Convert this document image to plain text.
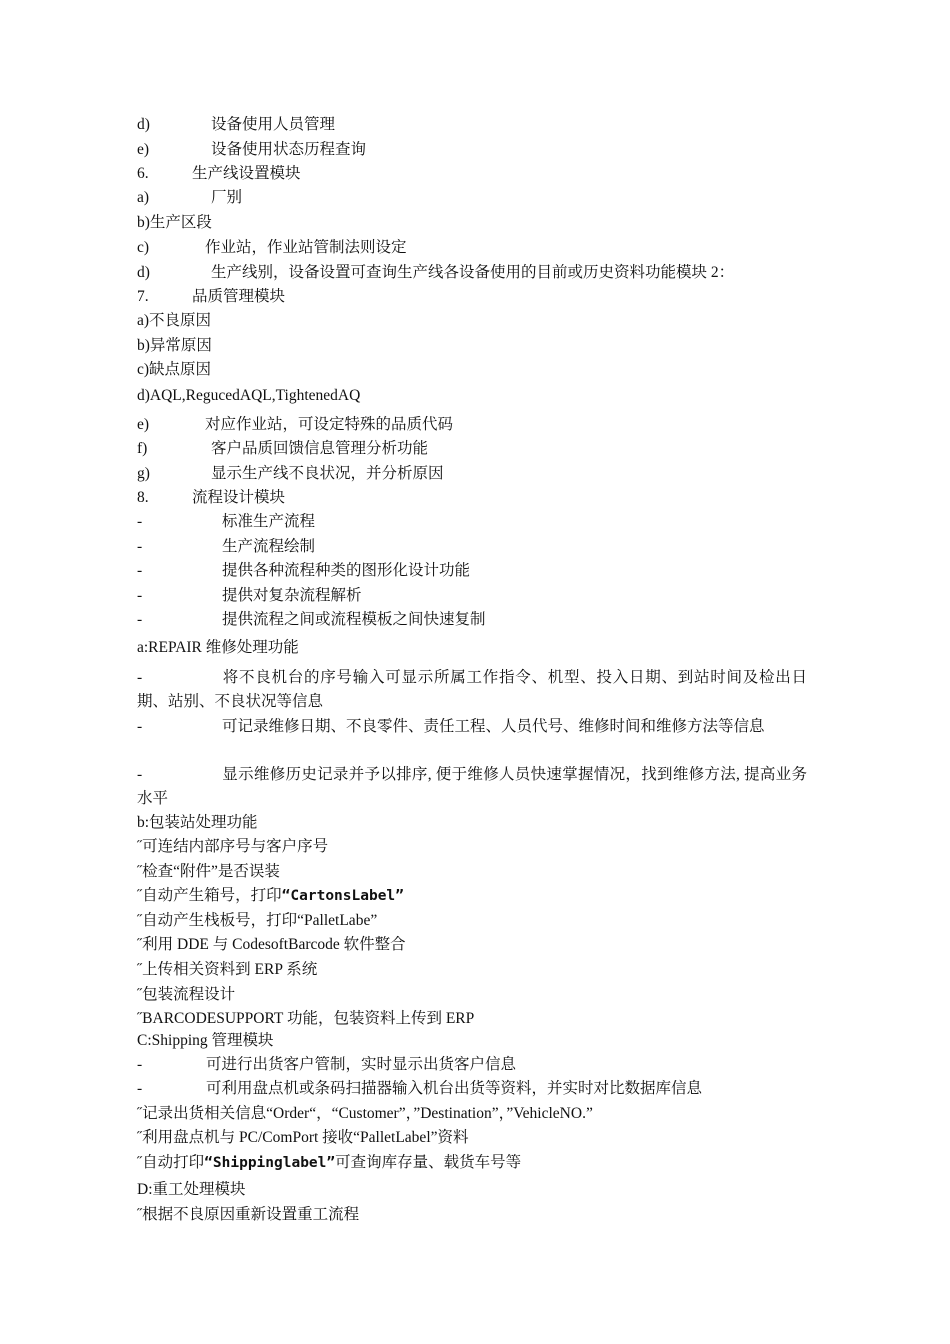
d)	设备使用人员管理
e)	设备使用状态历程查询
6.	生产线设置模块
a)	厂别
b)生产区段
c)	作业站，作业站管制法则设定
d)	生产线别，设备设置可查询生产线各设备使用的目前或历史资料功能模块 2：
7.	品质管理模块
a)不良原因
b)异常原因
c)缺点原因
d)AQL,RegucedAQL,TightenedAQ
e)	对应作业站，可设定特殊的品质代码
f)	客户品质回馈信息管理分析功能
g)	显示生产线不良状况，并分析原因
8.	流程设计模块
-	标准生产流程
-	生产流程绘制
-	提供各种流程种类的图形化设计功能
-	提供对复杂流程解析
-	提供流程之间或流程模板之间快速复制
a:REPAIR 维修处理功能
-	将不良机台的序号输入可显示所属工作指令、机型、投入日期、到站时间及检出日期、站别、不良状况等信息
-	可记录维修日期、不良零件、责任工程、人员代号、维修时间和维修方法等信息
-	显示维修历史记录并予以排序, 便于维修人员快速掌握情况，找到维修方法, 提高业务水平
b:包装站处理功能
˝可连结内部序号与客户序号
˝检查“附件”是否误装
˝自动产生箱号，打印“CartonsLabel”
˝自动产生栈板号，打印“PalletLabe”
˝利用 DDE 与 CodesoftBarcode 软件整合
˝上传相关资料到 ERP 系统
˝包装流程设计
˝BARCODESUPPORT 功能，包装资料上传到 ERP
C:Shipping 管理模块
-	可进行出货客户管制，实时显示出货客户信息
-	可利用盘点机或条码扫描器输入机台出货等资料，并实时对比数据库信息
˝记录出货相关信息“Order“，“Customer”，”Destination”，”VehicleNO.”
˝利用盘点机与 PC/ComPort 接收“PalletLabel”资料
˝自动打印“Shippinglabel”可查询库存量、载货车号等
D:重工处理模块
˝根据不良原因重新设置重工流程
